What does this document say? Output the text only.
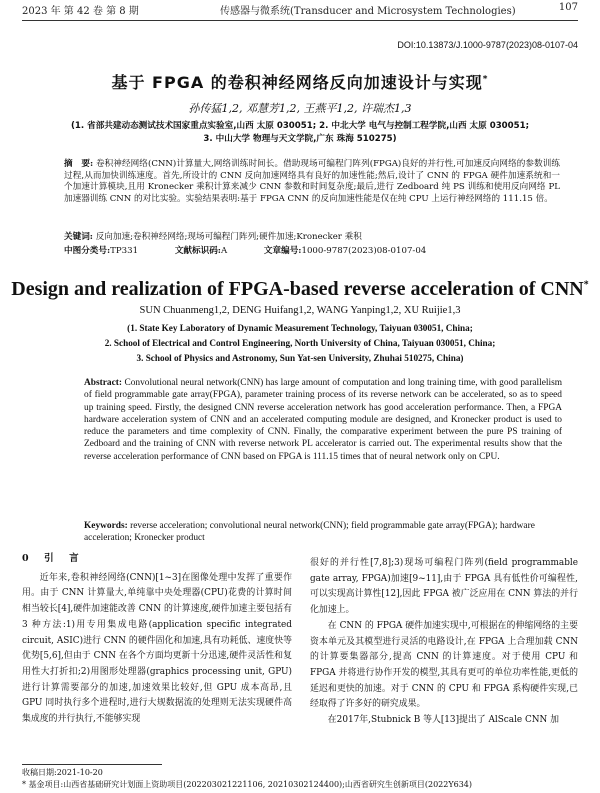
2023 年 第 42 卷 第 8 期	传感器与微系统(Transducer and Microsystem Technologies)	107
DOI:10.13873/J.1000-9787(2023)08-0107-04
基于 FPGA 的卷积神经网络反向加速设计与实现*
孙传猛1,2, 邓慧芳1,2, 王燕平1,2, 许瑞杰1,3
(1. 省部共建动态测试技术国家重点实验室,山西 太原 030051; 2. 中北大学 电气与控制工程学院,山西 太原 030051;
3. 中山大学 物理与天文学院,广东 珠海 510275)
摘　要: 卷积神经网络(CNN)计算量大,网络训练时间长。借助现场可编程门阵列(FPGA)良好的并行性,可加速反向网络的参数训练过程,从而加快训练速度。首先,所设计的 CNN 反向加速网络具有良好的加速性能;然后,设计了 CNN 的 FPGA 硬件加速系统和一个加速计算模块,且用 Kronecker 乘积计算来减少 CNN 参数和时间复杂度;最后,进行 Zedboard 纯 PS 训练和使用反向网络 PL 加速器训练 CNN 的对比实验。实验结果表明:基于 FPGA CNN 的反向加速性能是仅在纯 CPU 上运行神经网络的 111.15 倍。
关键词: 反向加速;卷积神经网络;现场可编程门阵列;硬件加速;Kronecker 乘积
中图分类号:TP331	文献标识码:A	文章编号:1000-9787(2023)08-0107-04
Design and realization of FPGA-based reverse acceleration of CNN*
SUN Chuanmeng1,2, DENG Huifang1,2, WANG Yanping1,2, XU Ruijie1,3
(1. State Key Laboratory of Dynamic Measurement Technology, Taiyuan 030051, China;
2. School of Electrical and Control Engineering, North University of China, Taiyuan 030051, China;
3. School of Physics and Astronomy, Sun Yat-sen University, Zhuhai 510275, China)
Abstract: Convolutional neural network(CNN) has large amount of computation and long training time, with good parallelism of field programmable gate array(FPGA), parameter training process of its reverse network can be accelerated, so as to speed up training speed. Firstly, the designed CNN reverse acceleration network has good acceleration performance. Then, a FPGA hardware acceleration system of CNN and an accelerated computing module are designed, and Kronecker product is used to reduce the parameters and time complexity of CNN. Finally, the comparative experiment between the pure PS training of Zedboard and the training of CNN with reverse network PL accelerator is carried out. The experimental results show that the reverse acceleration performance of CNN based on FPGA is 111.15 times that of neural network only on CPU.
Keywords: reverse acceleration; convolutional neural network(CNN); field programmable gate array(FPGA); hardware acceleration; Kronecker product
0　引　言

近年来,卷积神经网络(CNN)[1~3]在图像处理中发挥了重要作用。由于 CNN 计算量大,单纯靠中央处理器(CPU)花费的计算时间相当较长[4],硬件加速能改善 CNN 的计算速度,硬件加速主要包括有 3 种方法:1)用专用集成电路(application specific integrated circuit, ASIC)进行 CNN 的硬件固化和加速,具有功耗低、速度快等优势[5,6],但由于 CNN 在各个方面均更新十分迅速,硬件灵活性和复用性大打折扣;2)用图形处理器(graphics processing unit, GPU)进行计算需要部分的加速,加速效果比较好,但 GPU 成本高昂,且 GPU 同时执行多个进程时,进行大规数据流的处理则无法实现硬件高集成度的并行执行,不能够实现

很好的并行性[7,8];3)现场可编程门阵列(field programmable gate array, FPGA)加速[9~11],由于 FPGA 具有低性价可编程性,可以实现高计算性[12],因此 FPGA 被广泛应用在 CNN 算法的并行化加速上。

在 CNN 的 FPGA 硬件加速实现中,可根据在的伸缩网络的主要资本单元及其模型进行灵活的电路设计,在 FPGA 上合理加载 CNN 的计算要集器部分,提高 CNN 的计算速度。对于使用 CPU 和 FPGA 并将进行协作开发的模型,其具有更可的单位功率性能,更低的延迟和更快的加速。对于 CNN 的 CPU 和 FPGA 系构硬件实现,已经取得了许多好的研究成果。

在2017年,Stubnick B 等人[13]提出了 AlScale CNN 加

收稿日期:2021-10-20
* 基金项目:山西省基础研究计划面上资助项目(202203021221106, 20210302124400);山西省研究生创新项目(2022Y634)
